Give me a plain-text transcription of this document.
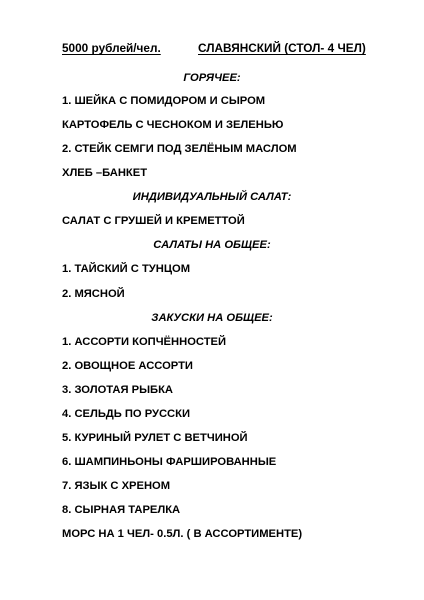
5000 рублей/чел.	СЛАВЯНСКИЙ (СТОЛ- 4 ЧЕЛ)
ГОРЯЧЕЕ:
1. ШЕЙКА С ПОМИДОРОМ И СЫРОМ
КАРТОФЕЛЬ С ЧЕСНОКОМ И ЗЕЛЕНЬЮ
2. СТЕЙК СЕМГИ ПОД ЗЕЛЁНЫМ МАСЛОМ
ХЛЕБ –БАНКЕТ
ИНДИВИДУАЛЬНЫЙ САЛАТ:
САЛАТ С ГРУШЕЙ И КРЕМЕТТОЙ
САЛАТЫ НА ОБЩЕЕ:
1. ТАЙСКИЙ С ТУНЦОМ
2. МЯСНОЙ
ЗАКУСКИ НА ОБЩЕЕ:
1. АССОРТИ КОПЧЁННОСТЕЙ
2. ОВОЩНОЕ АССОРТИ
3. ЗОЛОТАЯ РЫБКА
4. СЕЛЬДЬ ПО РУССКИ
5. КУРИНЫЙ РУЛЕТ С ВЕТЧИНОЙ
6. ШАМПИНЬОНЫ ФАРШИРОВАННЫЕ
7. ЯЗЫК С ХРЕНОМ
8. СЫРНАЯ ТАРЕЛКА
МОРС НА 1 ЧЕЛ- 0.5Л. ( В АССОРТИМЕНТЕ)
